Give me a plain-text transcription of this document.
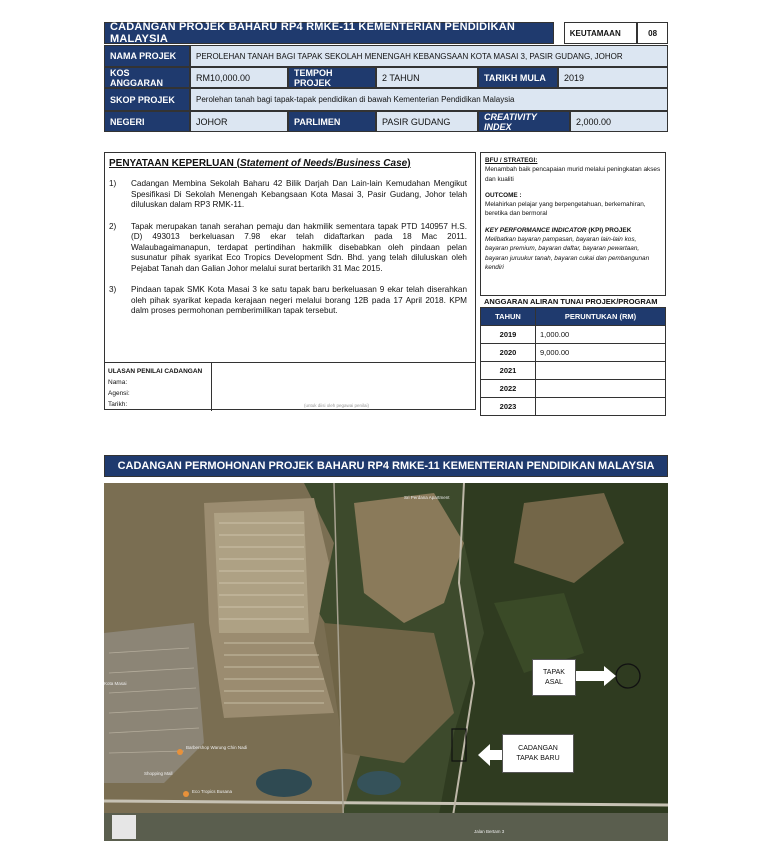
CADANGAN PROJEK BAHARU RP4 RMKE-11 KEMENTERIAN PENDIDIKAN MALAYSIA	KEUTAMAAN	08
NAMA PROJEK	PEROLEHAN TANAH BAGI TAPAK SEKOLAH MENENGAH KEBANGSAAN KOTA MASAI 3, PASIR GUDANG, JOHOR
KOS ANGGARAN	RM10,000.00	TEMPOH PROJEK	2 TAHUN	TARIKH MULA	2019
SKOP PROJEK	Perolehan tanah bagi tapak-tapak pendidikan di bawah Kementerian Pendidikan Malaysia
NEGERI	JOHOR	PARLIMEN	PASIR GUDANG	CREATIVITY INDEX	2,000.00
PENYATAAN KEPERLUAN (Statement of Needs/Business Case)
1)	Cadangan Membina Sekolah Baharu 42 Bilik Darjah Dan Lain-lain Kemudahan Mengikut Spesifikasi Di Sekolah Menengah Kebangsaan Kota Masai 3, Pasir Gudang, Johor telah diluluskan dalam RP3 RMK-11.
2)	Tapak merupakan tanah serahan pemaju dan hakmilik sementara tapak PTD 140957 H.S.(D) 493013 berkeluasan 7.98 ekar telah didaftarkan pada 18 Mac 2011. Walaubagaimanapun, terdapat pertindihan hakmilik disebabkan oleh pindaan pelan susunatur pihak syarikat Eco Tropics Development Sdn. Bhd. yang telah diluluskan oleh Pejabat Tanah dan Galian Johor melalui surat bertarikh 31 Mac 2015.
3)	Pindaan tapak SMK Kota Masai 3 ke satu tapak baru berkeluasan 9 ekar telah diserahkan oleh pihak syarikat kepada kerajaan negeri melalui borang 12B pada 17 April 2018. KPM dalm proses permohonan pemberimilikan tapak tersebut.
ULASAN PENILAI CADANGAN
Nama:
Agensi:
Tarikh:	(untuk diisi oleh pegawai penilai)
BFU / STRATEGI:

Menambah baik pencapaian murid melalui peningkatan akses dan kualiti

OUTCOME :

Melahirkan pelajar yang berpengetahuan, berkemahiran, beretika dan bermoral

KEY PERFORMANCE INDICATOR (KPI) PROJEK

Melibatkan bayaran pampasan, bayaran lain-lain kos, bayaran premium, bayaran daftar, bayaran pewartaan, bayaran juruukur tanah, bayaran cukai dan pembangunan kendiri

ANGGARAN ALIRAN TUNAI PROJEK/PROGRAM
TAHUN	PERUNTUKAN (RM)
2019	1,000.00
2020	9,000.00
2021	
2022	
2023	
CADANGAN PERMOHONAN PROJEK BAHARU RP4 RMKE-11 KEMENTERIAN PENDIDIKAN MALAYSIA
Sri Perdana Apartment
Kota Masai
Shopping Mall
Barbershop Warung Chin Nadi
Eco Tropics Busana
Jalan Bertam 3
TAPAK
ASAL
CADANGAN
TAPAK BARU
